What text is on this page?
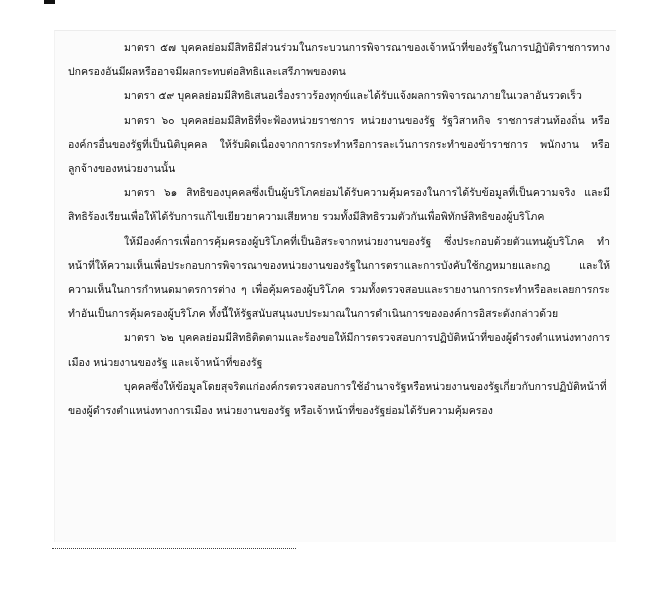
มาตรา ๕๗ บุคคลย่อมมีสิทธิมีส่วนร่วมในกระบวนการพิจารณาของเจ้าหน้าที่ของรัฐในการปฏิบัติราชการทางปกครองอันมีผลหรืออาจมีผลกระทบต่อสิทธิและเสรีภาพของตน

มาตรา ๕๙ บุคคลย่อมมีสิทธิเสนอเรื่องราวร้องทุกข์และได้รับแจ้งผลการพิจารณาภายในเวลาอันรวดเร็ว

มาตรา ๖๐ บุคคลย่อมมีสิทธิที่จะฟ้องหน่วยราชการ หน่วยงานของรัฐ รัฐวิสาหกิจ ราชการส่วนท้องถิ่น หรือองค์กรอื่นของรัฐที่เป็นนิติบุคคล ให้รับผิดเนื่องจากการกระทำหรือการละเว้นการกระทำของข้าราชการ พนักงาน หรือลูกจ้างของหน่วยงานนั้น

มาตรา ๖๑ สิทธิของบุคคลซึ่งเป็นผู้บริโภคย่อมได้รับความคุ้มครองในการได้รับข้อมูลที่เป็นความจริง และมีสิทธิร้องเรียนเพื่อให้ได้รับการแก้ไขเยียวยาความเสียหาย รวมทั้งมีสิทธิรวมตัวกันเพื่อพิทักษ์สิทธิของผู้บริโภค

ให้มีองค์การเพื่อการคุ้มครองผู้บริโภคที่เป็นอิสระจากหน่วยงานของรัฐ ซึ่งประกอบด้วยตัวแทนผู้บริโภค ทำหน้าที่ให้ความเห็นเพื่อประกอบการพิจารณาของหน่วยงานของรัฐในการตราและการบังคับใช้กฎหมายและกฎ และให้ความเห็นในการกำหนดมาตรการต่าง ๆ เพื่อคุ้มครองผู้บริโภค รวมทั้งตรวจสอบและรายงานการกระทำหรือละเลยการกระทำอันเป็นการคุ้มครองผู้บริโภค ทั้งนี้ให้รัฐสนับสนุนงบประมาณในการดำเนินการขององค์การอิสระดังกล่าวด้วย

มาตรา ๖๒ บุคคลย่อมมีสิทธิติดตามและร้องขอให้มีการตรวจสอบการปฏิบัติหน้าที่ของผู้ดำรงตำแหน่งทางการเมือง หน่วยงานของรัฐ และเจ้าหน้าที่ของรัฐ

บุคคลซึ่งให้ข้อมูลโดยสุจริตแก่องค์กรตรวจสอบการใช้อำนาจรัฐหรือหน่วยงานของรัฐเกี่ยวกับการปฏิบัติหน้าที่ของผู้ดำรงตำแหน่งทางการเมือง หน่วยงานของรัฐ หรือเจ้าหน้าที่ของรัฐย่อมได้รับความคุ้มครอง
